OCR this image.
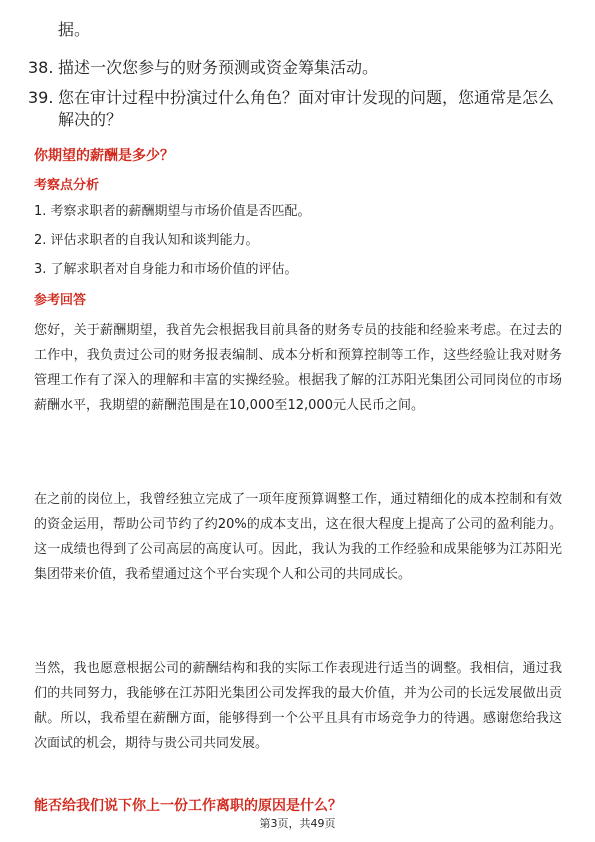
据。
38. 描述一次您参与的财务预测或资金筹集活动。
39. 您在审计过程中扮演过什么角色？面对审计发现的问题，您通常是怎么解决的？
你期望的薪酬是多少？
考察点分析

1. 考察求职者的薪酬期望与市场价值是否匹配。

2. 评估求职者的自我认知和谈判能力。

3. 了解求职者对自身能力和市场价值的评估。

参考回答

您好，关于薪酬期望，我首先会根据我目前具备的财务专员的技能和经验来考虑。在过去的工作中，我负责过公司的财务报表编制、成本分析和预算控制等工作，这些经验让我对财务管理工作有了深入的理解和丰富的实操经验。根据我了解的江苏阳光集团公司同岗位的市场薪酬水平，我期望的薪酬范围是在10,000至12,000元人民币之间。

在之前的岗位上，我曾经独立完成了一项年度预算调整工作，通过精细化的成本控制和有效的资金运用，帮助公司节约了约20%的成本支出，这在很大程度上提高了公司的盈利能力。这一成绩也得到了公司高层的高度认可。因此，我认为我的工作经验和成果能够为江苏阳光集团带来价值，我希望通过这个平台实现个人和公司的共同成长。

当然，我也愿意根据公司的薪酬结构和我的实际工作表现进行适当的调整。我相信，通过我们的共同努力，我能够在江苏阳光集团公司发挥我的最大价值，并为公司的长远发展做出贡献。所以，我希望在薪酬方面，能够得到一个公平且具有市场竞争力的待遇。感谢您给我这次面试的机会，期待与贵公司共同发展。

能否给我们说下你上一份工作离职的原因是什么？
第3页，共49页
